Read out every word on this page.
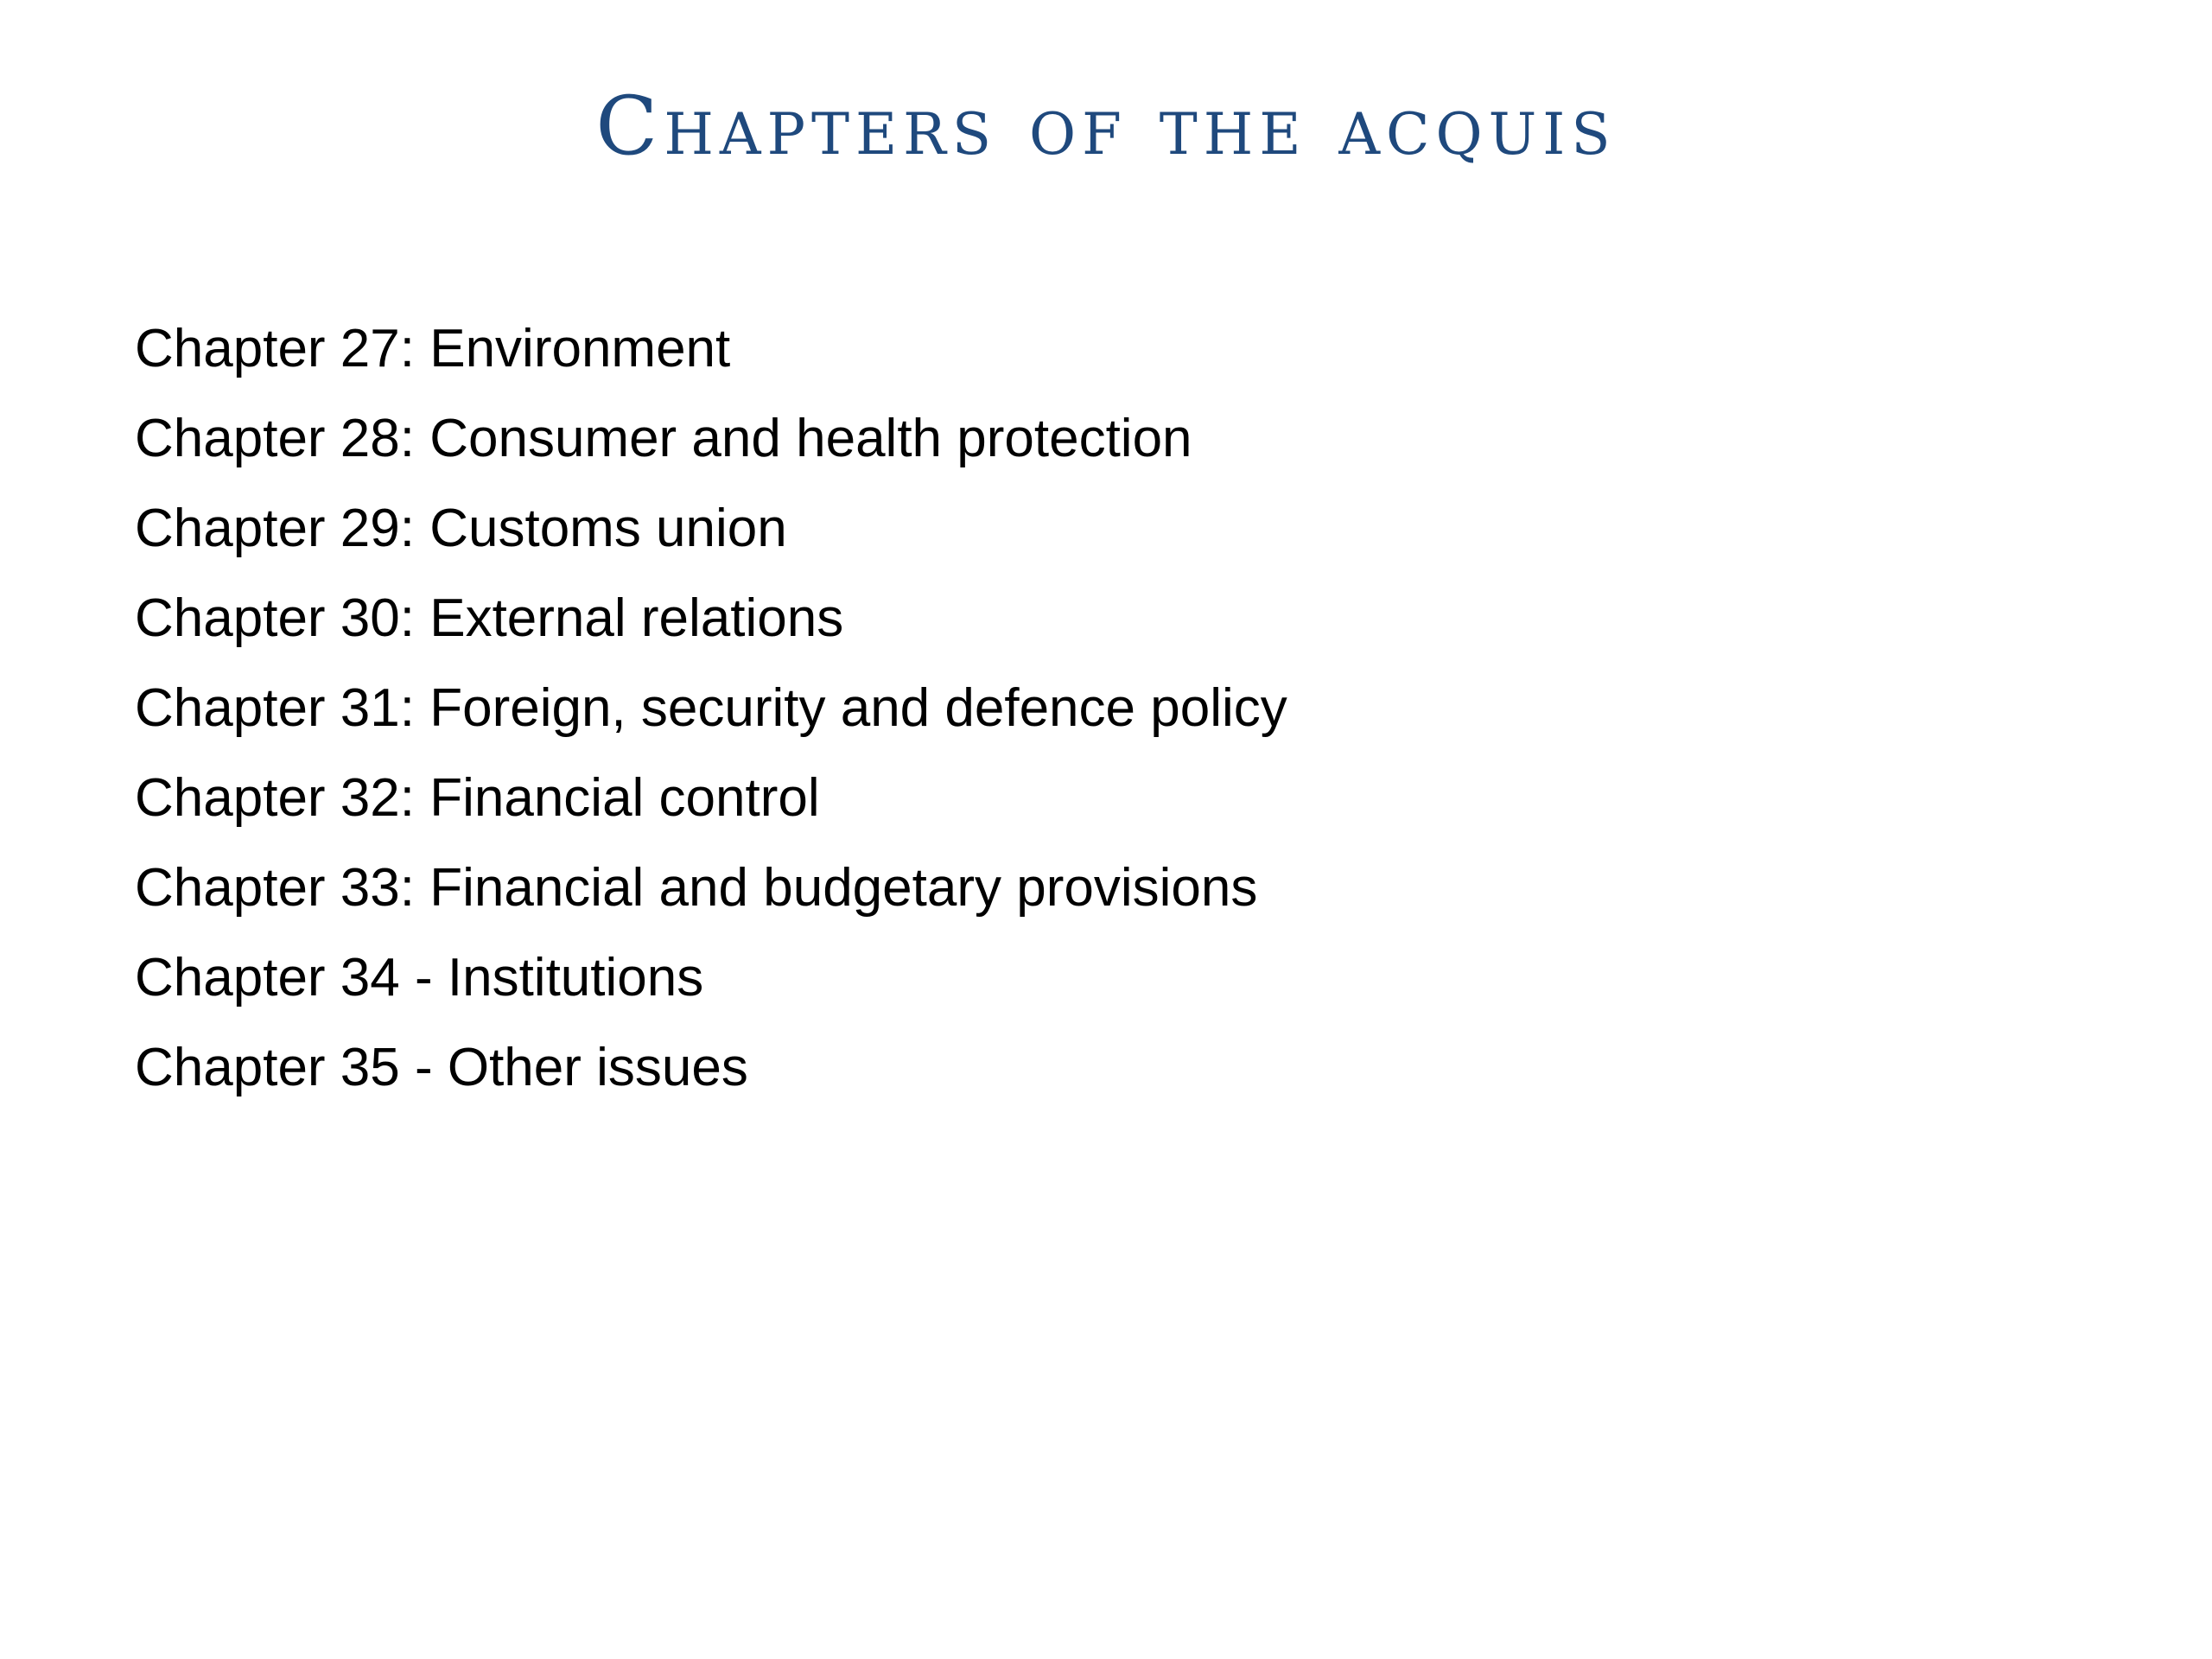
Chapters of the acquis
Chapter 27: Environment
Chapter 28: Consumer and health protection
Chapter 29: Customs union
Chapter 30: External relations
Chapter 31: Foreign, security and defence policy
Chapter 32: Financial control
Chapter 33: Financial and budgetary provisions
Chapter 34 - Institutions
Chapter 35 - Other issues
